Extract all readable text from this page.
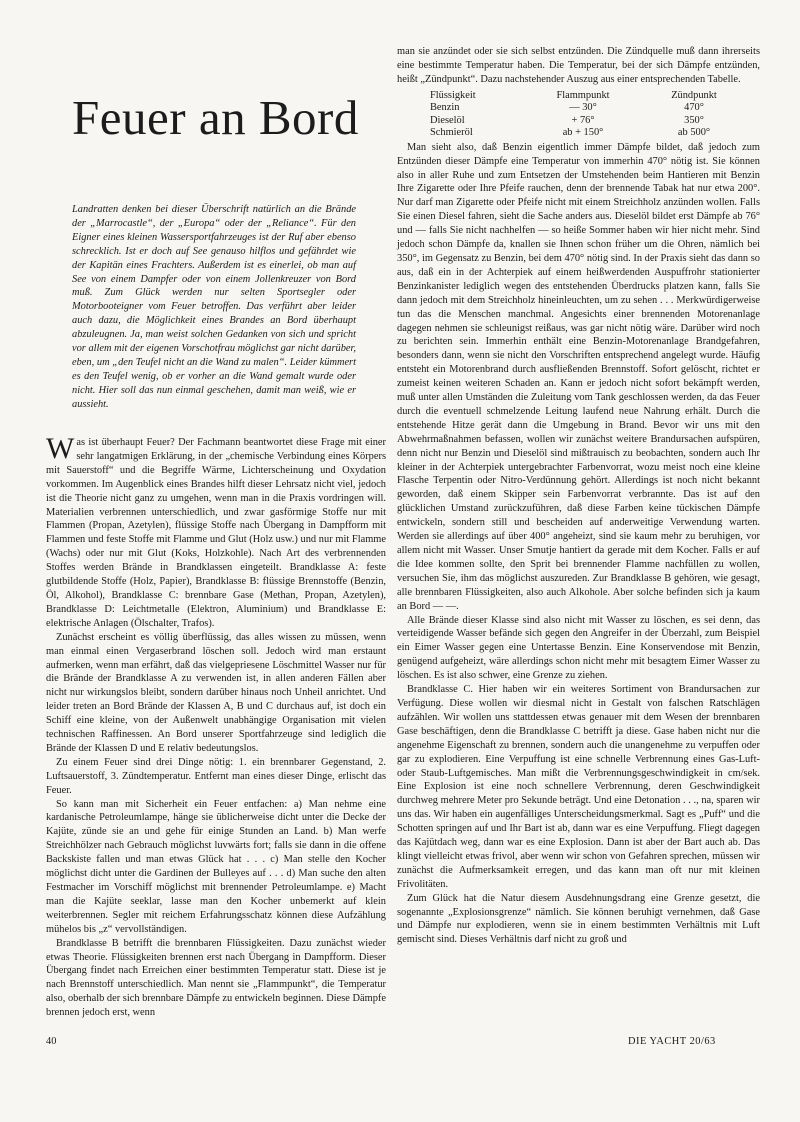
Feuer an Bord

Landratten denken bei dieser Überschrift natürlich an die Brände der „Marrocastle“, der „Europa“ oder der „Reliance“. Für den Eigner eines kleinen Wassersportfahrzeuges ist der Ruf aber ebenso schrecklich. Ist er doch auf See genauso hilflos und gefährdet wie der Kapitän eines Frachters. Außerdem ist es einerlei, ob man auf See von einem Dampfer oder von einem Jollenkreuzer von Bord muß. Zum Glück werden nur selten Sportsegler oder Motorbooteigner vom Feuer betroffen. Das verführt aber leider auch dazu, die Möglichkeit eines Brandes an Bord überhaupt abzuleugnen. Ja, man weist solchen Gedanken von sich und spricht vor allem mit der eigenen Vorschotfrau möglichst gar nicht darüber, eben, um „den Teufel nicht an die Wand zu malen“. Leider kümmert es den Teufel wenig, ob er vorher an die Wand gemalt wurde oder nicht. Hier soll das nun einmal geschehen, damit man weiß, wie er aussieht.

Was ist überhaupt Feuer? Der Fachmann beantwortet diese Frage mit einer sehr langatmigen Erklärung, in der „chemische Verbindung eines Körpers mit Sauerstoff“ und die Begriffe Wärme, Lichterscheinung und Oxydation vorkommen. Im Augenblick eines Brandes hilft dieser Lehrsatz nicht viel, jedoch ist die Theorie nicht ganz zu umgehen, wenn man in die Praxis vordringen will. Materialien verbrennen unterschiedlich, und zwar gasförmige Stoffe nur mit Flammen (Propan, Azetylen), flüssige Stoffe nach Übergang in Dampfform mit Flammen und feste Stoffe mit Flamme und Glut (Holz usw.) und nur mit Flamme (Wachs) oder nur mit Glut (Koks, Holzkohle). Nach Art des verbrennenden Stoffes werden Brände in Brandklassen eingeteilt. Brandklasse A: feste glutbildende Stoffe (Holz, Papier), Brandklasse B: flüssige Brennstoffe (Benzin, Öl, Alkohol), Brandklasse C: brennbare Gase (Methan, Propan, Azetylen), Brandklasse D: Leichtmetalle (Elektron, Aluminium) und Brandklasse E: elektrische Anlagen (Ölschalter, Trafos).

Zunächst erscheint es völlig überflüssig, das alles wissen zu müssen, wenn man einmal einen Vergaserbrand löschen soll. Jedoch wird man erstaunt aufmerken, wenn man erfährt, daß das vielgepriesene Löschmittel Wasser nur für die Brände der Brandklasse A zu verwenden ist, in allen anderen Fällen aber nicht nur wirkungslos bleibt, sondern darüber hinaus noch Unheil anrichtet. Und leider treten an Bord Brände der Klassen A, B und C durchaus auf, ist doch ein Schiff eine kleine, von der Außenwelt unabhängige Organisation mit vielen technischen Raffinessen. An Bord unserer Sportfahrzeuge sind lediglich die Brände der Klassen D und E relativ bedeutungslos.

Zu einem Feuer sind drei Dinge nötig: 1. ein brennbarer Gegenstand, 2. Luftsauerstoff, 3. Zündtemperatur. Entfernt man eines dieser Dinge, erlischt das Feuer.

So kann man mit Sicherheit ein Feuer entfachen: a) Man nehme eine kardanische Petroleumlampe, hänge sie üblicherweise dicht unter die Decke der Kajüte, zünde sie an und gehe für einige Stunden an Land. b) Man werfe Streichhölzer nach Gebrauch möglichst luvwärts fort; falls sie dann in die offene Backskiste fallen und man etwas Glück hat . . . c) Man stelle den Kocher möglichst dicht unter die Gardinen der Bulleyes auf . . . d) Man suche den alten Festmacher im Vorschiff möglichst mit brennender Petroleumlampe. e) Macht man die Kajüte seeklar, lasse man den Kocher unbemerkt auf klein weiterbrennen. Segler mit reichem Erfahrungsschatz können diese Aufzählung mühelos bis „z“ vervollständigen.

Brandklasse B betrifft die brennbaren Flüssigkeiten. Dazu zunächst wieder etwas Theorie. Flüssigkeiten brennen erst nach Übergang in Dampfform. Dieser Übergang findet nach Erreichen einer bestimmten Temperatur statt. Diese ist je nach Brennstoff unterschiedlich. Man nennt sie „Flammpunkt“, die Temperatur also, oberhalb der sich brennbare Dämpfe zu entwickeln beginnen. Diese Dämpfe brennen jedoch erst, wenn

man sie anzündet oder sie sich selbst entzünden. Die Zündquelle muß dann ihrerseits eine bestimmte Temperatur haben. Die Temperatur, bei der sich Dämpfe entzünden, heißt „Zündpunkt“. Dazu nachstehender Auszug aus einer entsprechenden Tabelle.

Flüssigkeit	Flammpunkt	Zündpunkt
Benzin	— 30°	470°
Dieselöl	+ 76°	350°
Schmieröl	ab + 150°	ab 500°

Man sieht also, daß Benzin eigentlich immer Dämpfe bildet, daß jedoch zum Entzünden dieser Dämpfe eine Temperatur von immerhin 470° nötig ist. Sie können also in aller Ruhe und zum Entsetzen der Umstehenden beim Hantieren mit Benzin Ihre Zigarette oder Ihre Pfeife rauchen, denn der brennende Tabak hat nur etwa 200°. Nur darf man Zigarette oder Pfeife nicht mit einem Streichholz anzünden wollen. Falls Sie einen Diesel fahren, sieht die Sache anders aus. Dieselöl bildet erst Dämpfe ab 76° und — falls Sie nicht nachhelfen — so heiße Sommer haben wir hier nicht mehr. Sind jedoch schon Dämpfe da, knallen sie Ihnen schon früher um die Ohren, nämlich bei 350°, im Gegensatz zu Benzin, bei dem 470° nötig sind. In der Praxis sieht das dann so aus, daß ein in der Achterpiek auf einem heißwerdenden Auspuffrohr stationierter Benzinkanister lediglich wegen des entstehenden Überdrucks platzen kann, falls Sie dann jedoch mit dem Streichholz hineinleuchten, um zu sehen . . . Merkwürdigerweise tun das die Menschen manchmal. Angesichts einer brennenden Motorenanlage dagegen nehmen sie schleunigst reißaus, was gar nicht nötig wäre. Darüber wird noch zu berichten sein. Immerhin enthält eine Benzin-Motorenanlage Brandgefahren, besonders dann, wenn sie nicht den Vorschriften entsprechend angelegt wurde. Häufig entsteht ein Motorenbrand durch ausfließenden Brennstoff. Sofort gelöscht, richtet er zumeist keinen weiteren Schaden an. Kann er jedoch nicht sofort bekämpft werden, muß unter allen Umständen die Zuleitung vom Tank geschlossen werden, da das Feuer durch die eventuell schmelzende Leitung laufend neue Nahrung erhält. Durch die entstehende Hitze gerät dann die Umgebung in Brand. Bevor wir uns mit den Abwehrmaßnahmen befassen, wollen wir zunächst weitere Brandursachen aufspüren, denn nicht nur Benzin und Dieselöl sind mißtrauisch zu beobachten, sondern auch Ihr kleiner in der Achterpiek untergebrachter Farbenvorrat, wozu meist noch eine kleine Flasche Terpentin oder Nitro-Verdünnung gehört. Allerdings ist noch nicht bekannt geworden, daß einem Skipper sein Farbenvorrat verbrannte. Das ist auf den glücklichen Umstand zurückzuführen, daß diese Farben keine tückischen Dämpfe entwickeln, sondern still und bescheiden auf anderweitige Verwendung warten. Werden sie allerdings auf über 400° angeheizt, sind sie kaum mehr zu beruhigen, vor allem nicht mit Wasser. Unser Smutje hantiert da gerade mit dem Kocher. Falls er auf die Idee kommen sollte, den Sprit bei brennender Flamme nachfüllen zu wollen, versuchen Sie, ihm das möglichst auszureden. Zur Brandklasse B gehören, wie gesagt, alle brennbaren Flüssigkeiten, also auch Alkohole. Aber solche befinden sich ja kaum an Bord — —.

Alle Brände dieser Klasse sind also nicht mit Wasser zu löschen, es sei denn, das verteidigende Wasser befände sich gegen den Angreifer in der Überzahl, zum Beispiel ein Eimer Wasser gegen eine Untertasse Benzin. Eine Konservendose mit Benzin, genügend aufgeheizt, wäre allerdings schon nicht mehr mit besagtem Eimer Wasser zu löschen. Es ist also schwer, eine Grenze zu ziehen.

Brandklasse C. Hier haben wir ein weiteres Sortiment von Brandursachen zur Verfügung. Diese wollen wir diesmal nicht in Gestalt von falschen Ratschlägen aufzählen. Wir wollen uns stattdessen etwas genauer mit dem Wesen der brennbaren Gase beschäftigen, denn die Brandklasse C betrifft ja diese. Gase haben nicht nur die angenehme Eigenschaft zu brennen, sondern auch die unangenehme zu verpuffen oder gar zu explodieren. Eine Verpuffung ist eine schnelle Verbrennung eines Gas-Luft- oder Staub-Luftgemisches. Man mißt die Verbrennungsgeschwindigkeit in cm/sek. Eine Explosion ist eine noch schnellere Verbrennung, deren Geschwindigkeit durchweg mehrere Meter pro Sekunde beträgt. Und eine Detonation . . ., na, sparen wir uns das. Wir haben ein augenfälliges Unterscheidungsmerkmal. Sagt es „Puff“ und die Schotten springen auf und Ihr Bart ist ab, dann war es eine Verpuffung. Fliegt dagegen das Kajütdach weg, dann war es eine Explosion. Dann ist aber der Bart auch ab. Das klingt vielleicht etwas frivol, aber wenn wir schon von Gefahren sprechen, müssen wir zunächst die Aufmerksamkeit erregen, und das kann man oft nur mit kleinen Frivolitäten.

Zum Glück hat die Natur diesem Ausdehnungsdrang eine Grenze gesetzt, die sogenannte „Explosionsgrenze“ nämlich. Sie können beruhigt vernehmen, daß Gase und Dämpfe nur explodieren, wenn sie in einem bestimmten Verhältnis mit Luft gemischt sind. Dieses Verhältnis darf nicht zu groß und

40	DIE YACHT 20/63
